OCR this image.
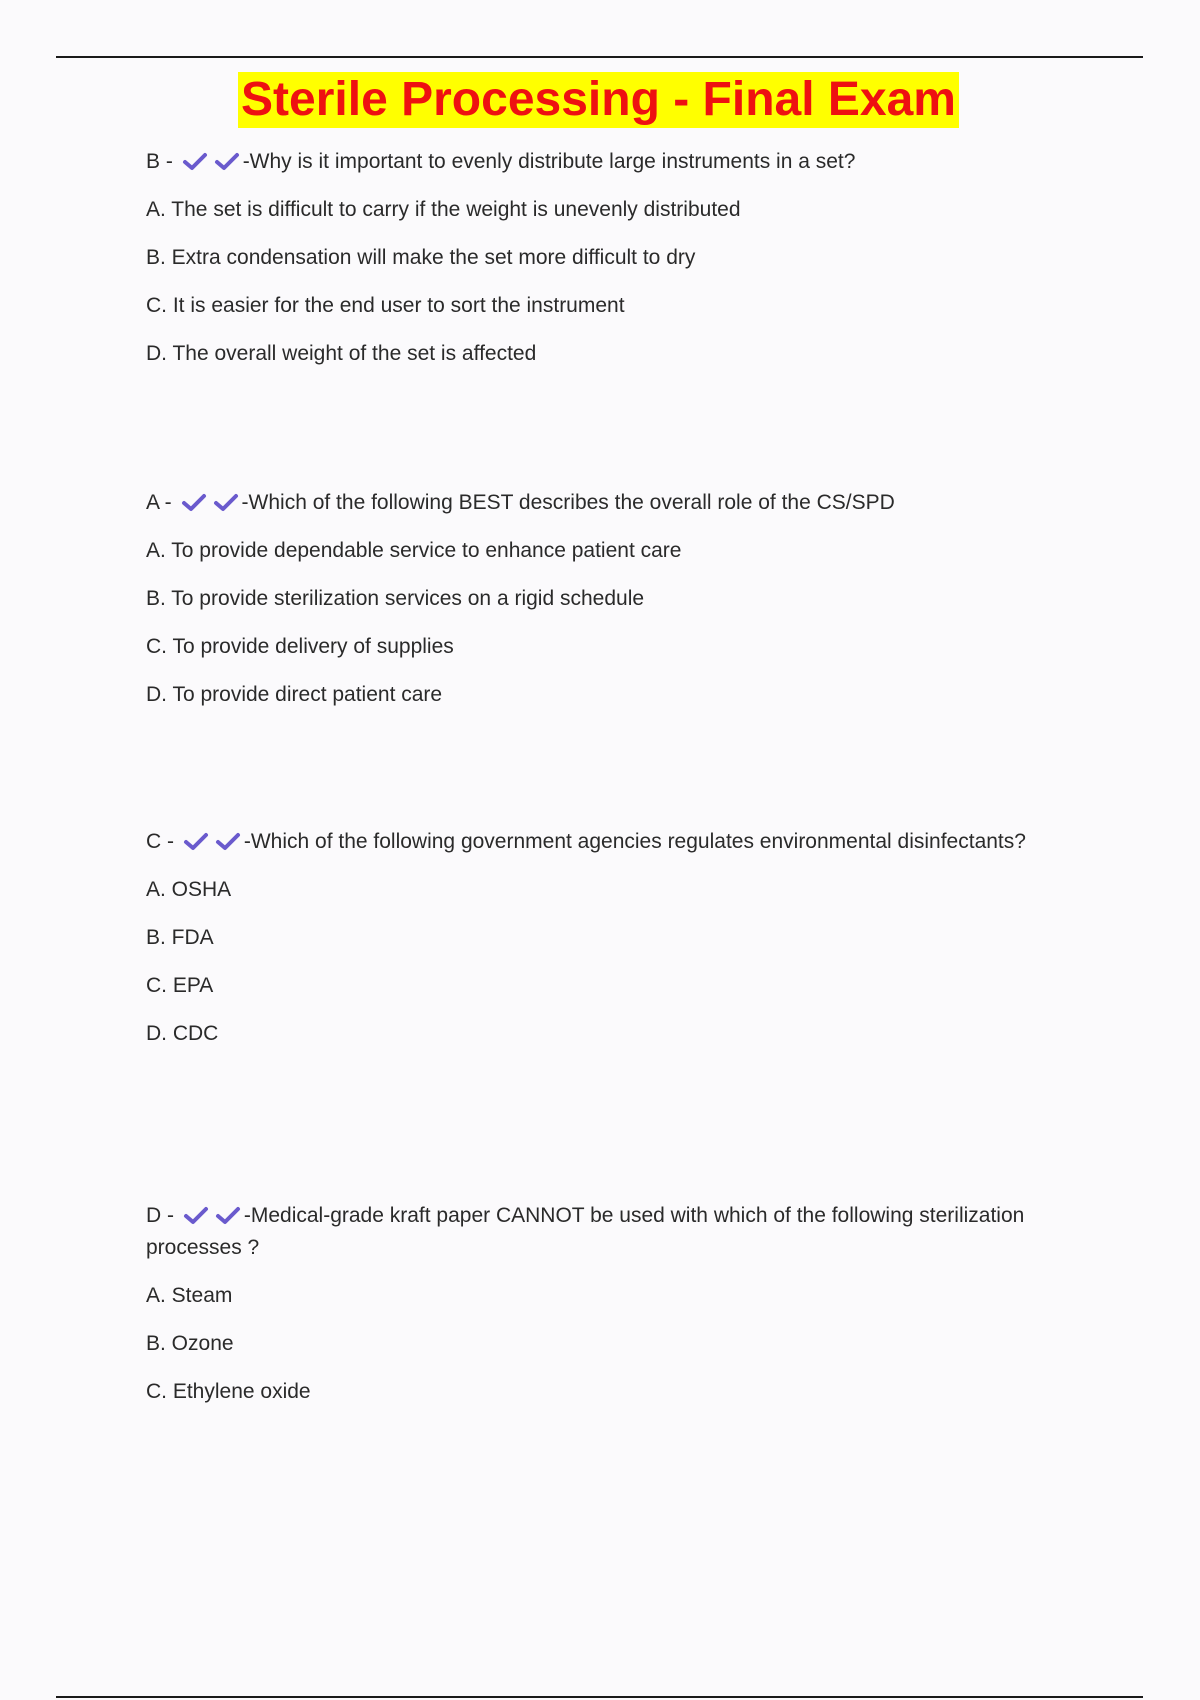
Sterile Processing - Final Exam
B -	-Why is it important to evenly distribute large instruments in a set?
A. The set is difficult to carry if the weight is unevenly distributed
B. Extra condensation will make the set more difficult to dry
C. It is easier for the end user to sort the instrument
D. The overall weight of the set is affected
A -	-Which of the following BEST describes the overall role of the CS/SPD
A. To provide dependable service to enhance patient care
B. To provide sterilization services on a rigid schedule
C. To provide delivery of supplies
D. To provide direct patient care
C -	-Which of the following government agencies regulates environmental disinfectants?
A. OSHA
B. FDA
C. EPA
D. CDC
D -	-Medical-grade kraft paper CANNOT be used with which of the following sterilization processes ?
A. Steam
B. Ozone
C. Ethylene oxide
